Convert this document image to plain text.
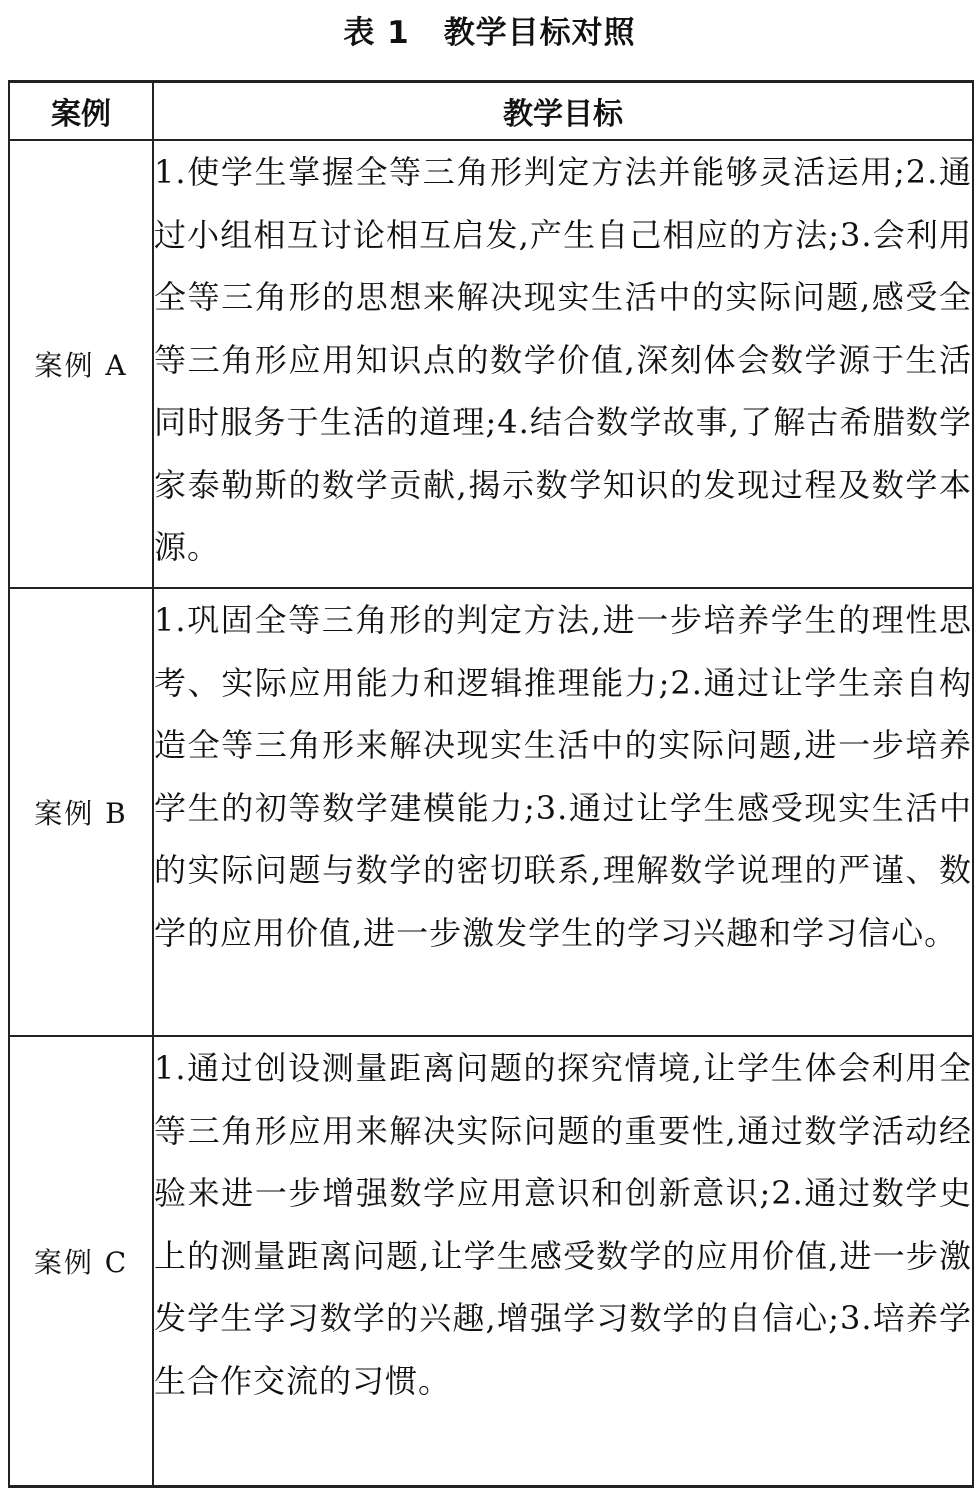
表 1 教学目标对照
案例	教学目标
案例 A	1.使学生掌握全等三角形判定方法并能够灵活运用;2.通过小组相互讨论相互启发,产生自己相应的方法;3.会利用全等三角形的思想来解决现实生活中的实际问题,感受全等三角形应用知识点的数学价值,深刻体会数学源于生活同时服务于生活的道理;4.结合数学故事,了解古希腊数学家泰勒斯的数学贡献,揭示数学知识的发现过程及数学本源。
案例 B	1.巩固全等三角形的判定方法,进一步培养学生的理性思考、实际应用能力和逻辑推理能力;2.通过让学生亲自构造全等三角形来解决现实生活中的实际问题,进一步培养学生的初等数学建模能力;3.通过让学生感受现实生活中的实际问题与数学的密切联系,理解数学说理的严谨、数学的应用价值,进一步激发学生的学习兴趣和学习信心。
案例 C	1.通过创设测量距离问题的探究情境,让学生体会利用全等三角形应用来解决实际问题的重要性,通过数学活动经验来进一步增强数学应用意识和创新意识;2.通过数学史上的测量距离问题,让学生感受数学的应用价值,进一步激发学生学习数学的兴趣,增强学习数学的自信心;3.培养学生合作交流的习惯。
